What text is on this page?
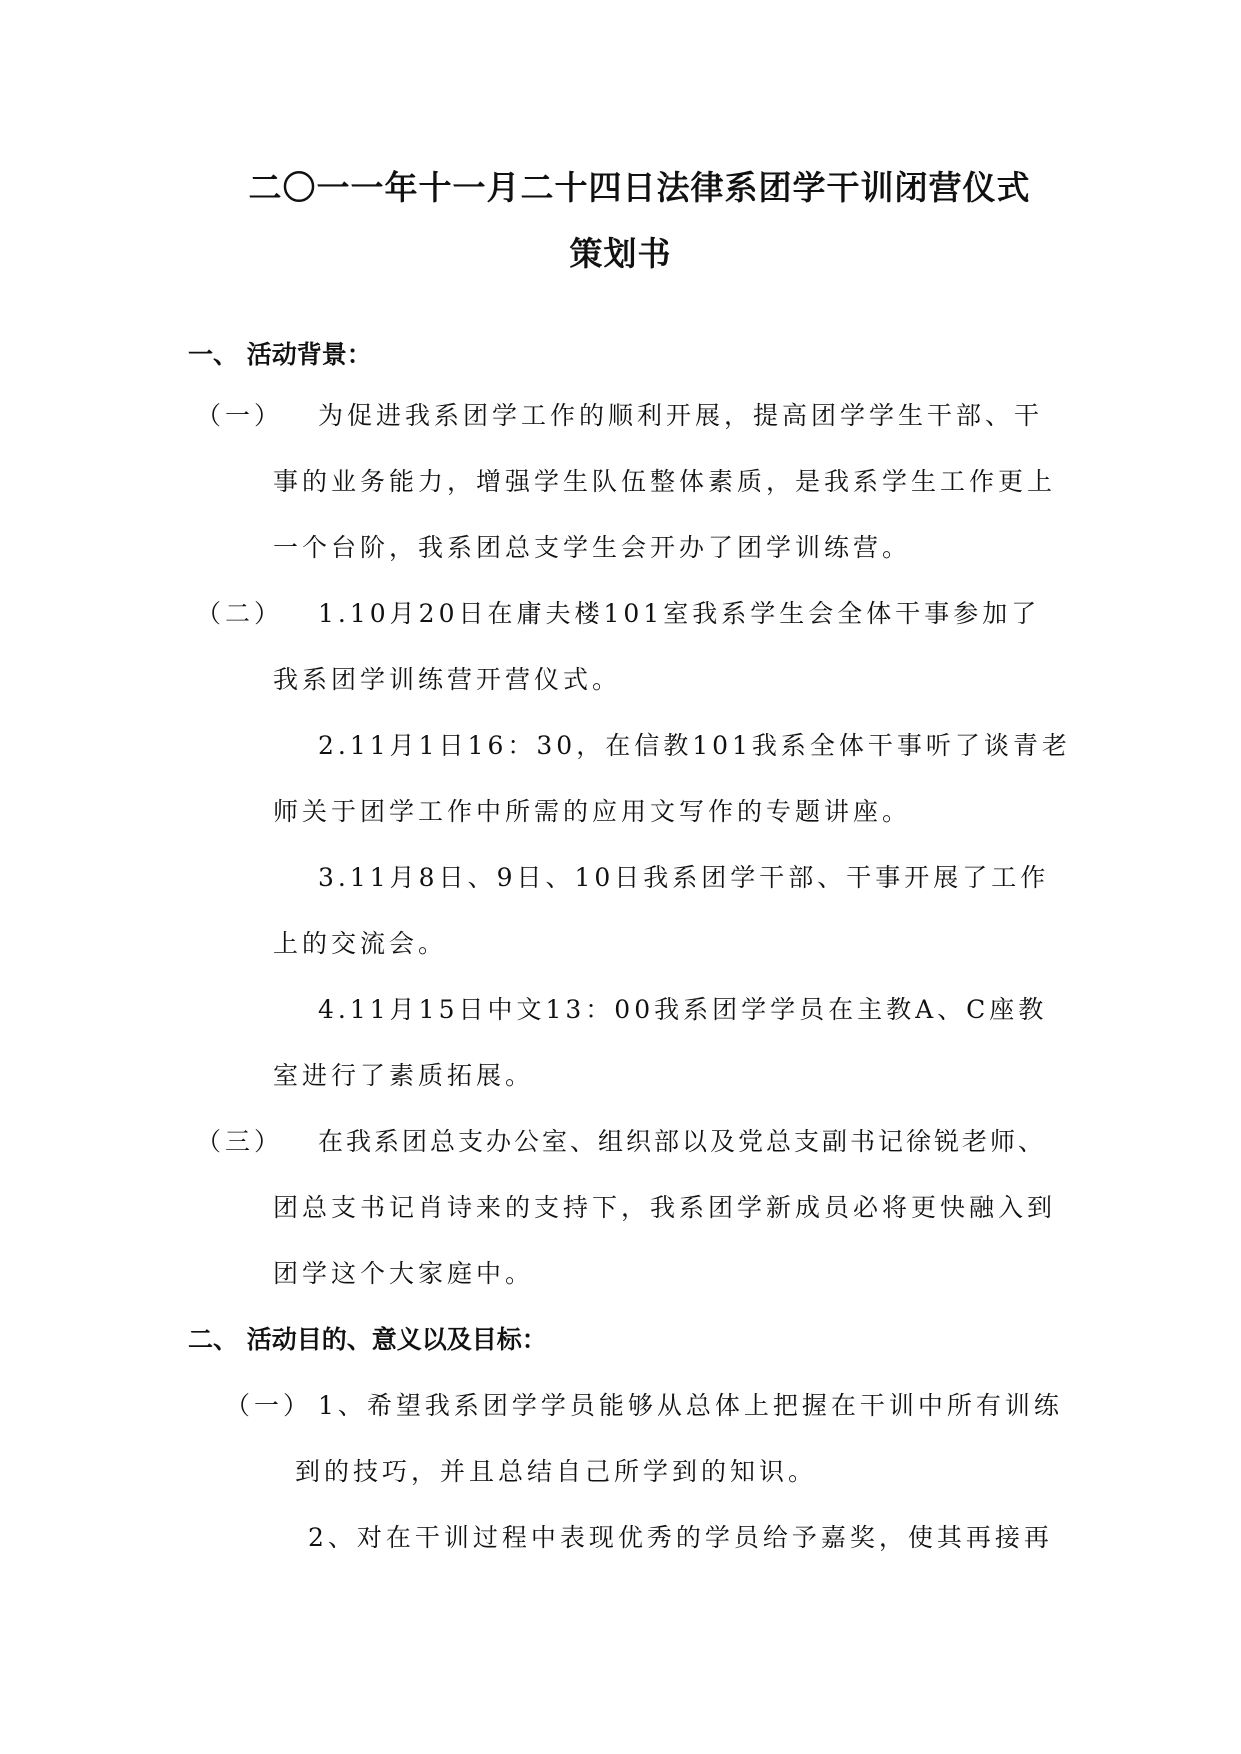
二〇一一年十一月二十四日法律系团学干训闭营仪式
策划书
一、 活动背景：
（一） 为促进我系团学工作的顺利开展，提高团学学生干部、干
事的业务能力，增强学生队伍整体素质，是我系学生工作更上
一个台阶，我系团总支学生会开办了团学训练营。
（二） 1.10月20日在庸夫楼101室我系学生会全体干事参加了
我系团学训练营开营仪式。
2.11月1日16：30，在信教101我系全体干事听了谈青老
师关于团学工作中所需的应用文写作的专题讲座。
3.11月8日、9日、10日我系团学干部、干事开展了工作
上的交流会。
4.11月15日中文13：00我系团学学员在主教A、C座教
室进行了素质拓展。
（三） 在我系团总支办公室、组织部以及党总支副书记徐锐老师、
团总支书记肖诗来的支持下，我系团学新成员必将更快融入到
团学这个大家庭中。
二、 活动目的、意义以及目标：
（一） 1、希望我系团学学员能够从总体上把握在干训中所有训练
到的技巧，并且总结自己所学到的知识。
2、对在干训过程中表现优秀的学员给予嘉奖，使其再接再
